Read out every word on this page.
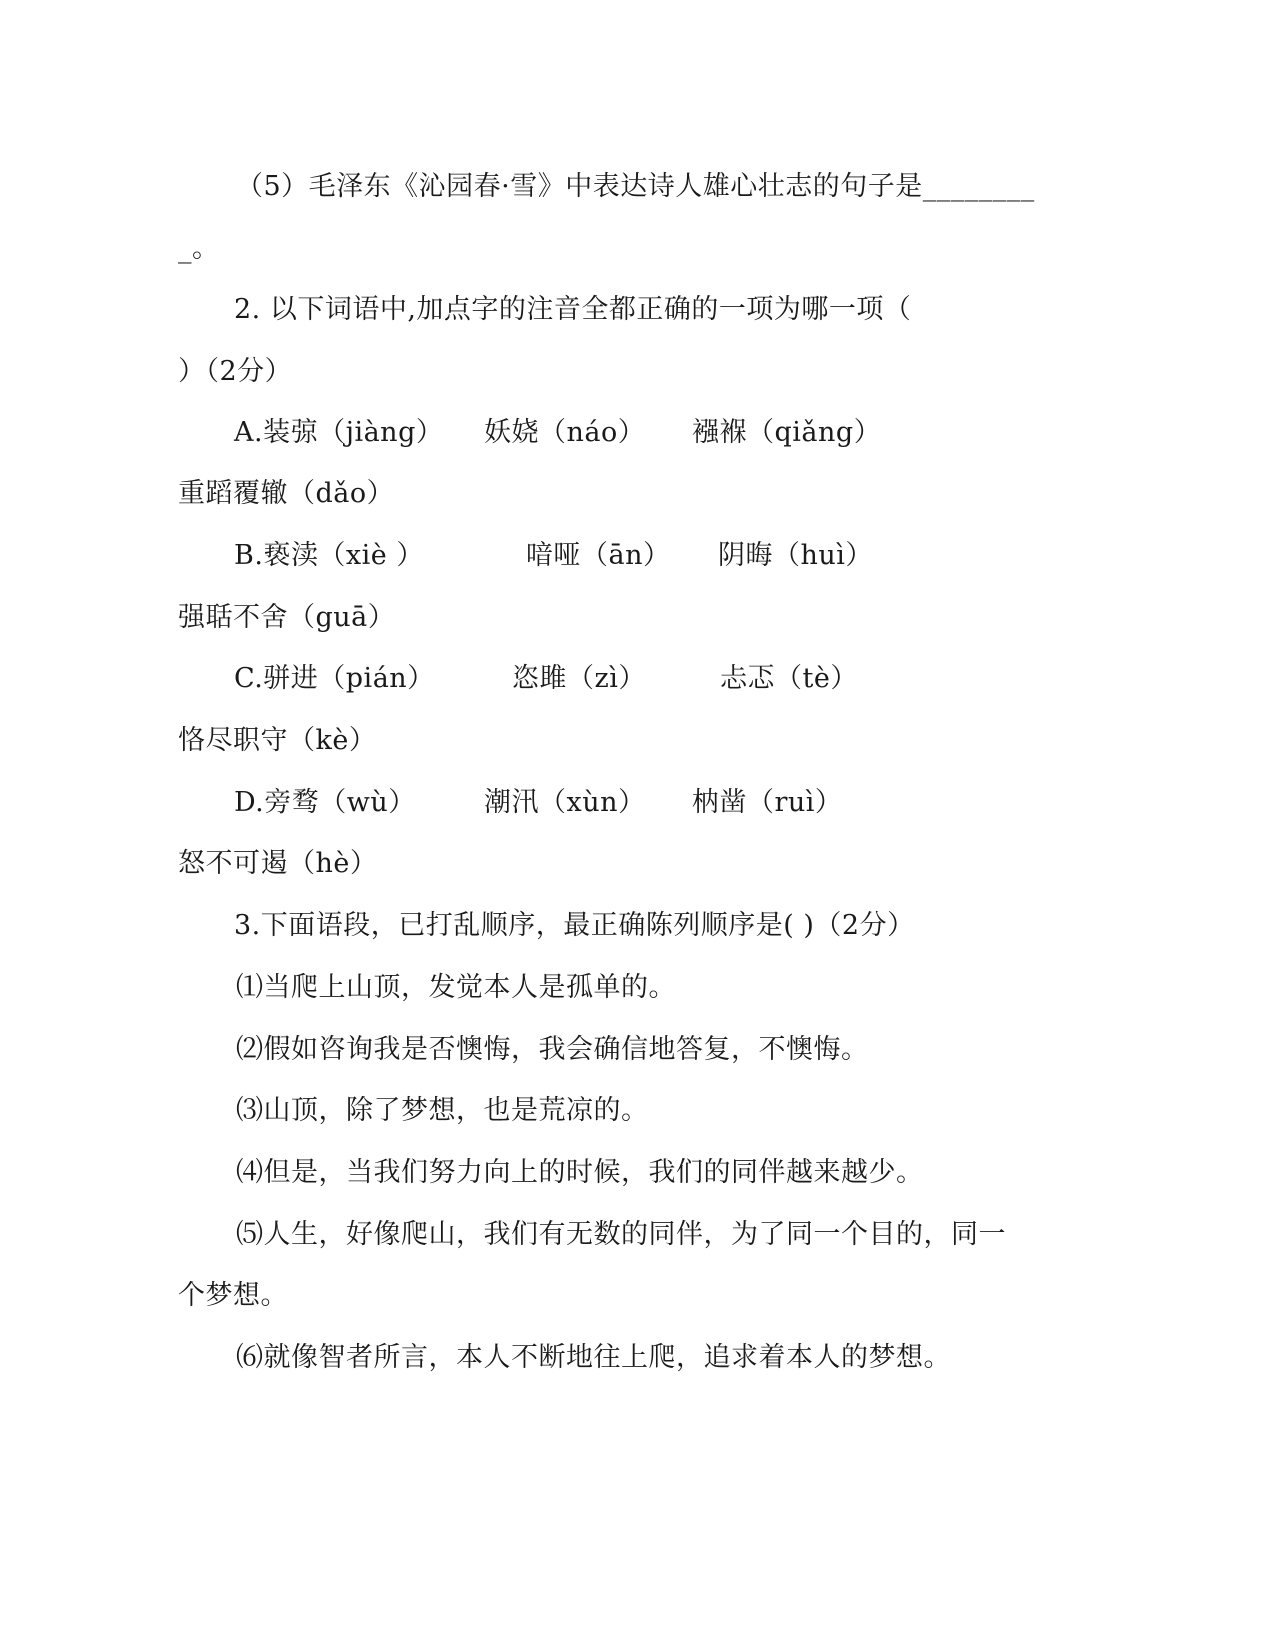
（5）毛泽东《沁园春·雪》中表达诗人雄心壮志的句子是________
_。
2. 以下词语中,加点字的注音全都正确的一项为哪一项（
）（2分）
A.装弶（jiàng） 妖娆（náo） 襁褓（qiǎng）
重蹈覆辙（dǎo）
B.亵渎（xiè ）	喑哑（ān） 阴晦（huì）
强聒不舍（guā）
C.骈进（pián）	恣雎（zì）	忐忑（tè）
恪尽职守（kè）
D.旁骛（wù）	潮汛（xùn） 枘凿（ruì）
怒不可遏（hè）
3.下面语段，已打乱顺序，最正确陈列顺序是( )（2分）
⑴当爬上山顶，发觉本人是孤单的。
⑵假如咨询我是否懊悔，我会确信地答复，不懊悔。
⑶山顶，除了梦想，也是荒凉的。
⑷但是，当我们努力向上的时候，我们的同伴越来越少。
⑸人生，好像爬山，我们有无数的同伴，为了同一个目的，同一
个梦想。
⑹就像智者所言，本人不断地往上爬，追求着本人的梦想。
